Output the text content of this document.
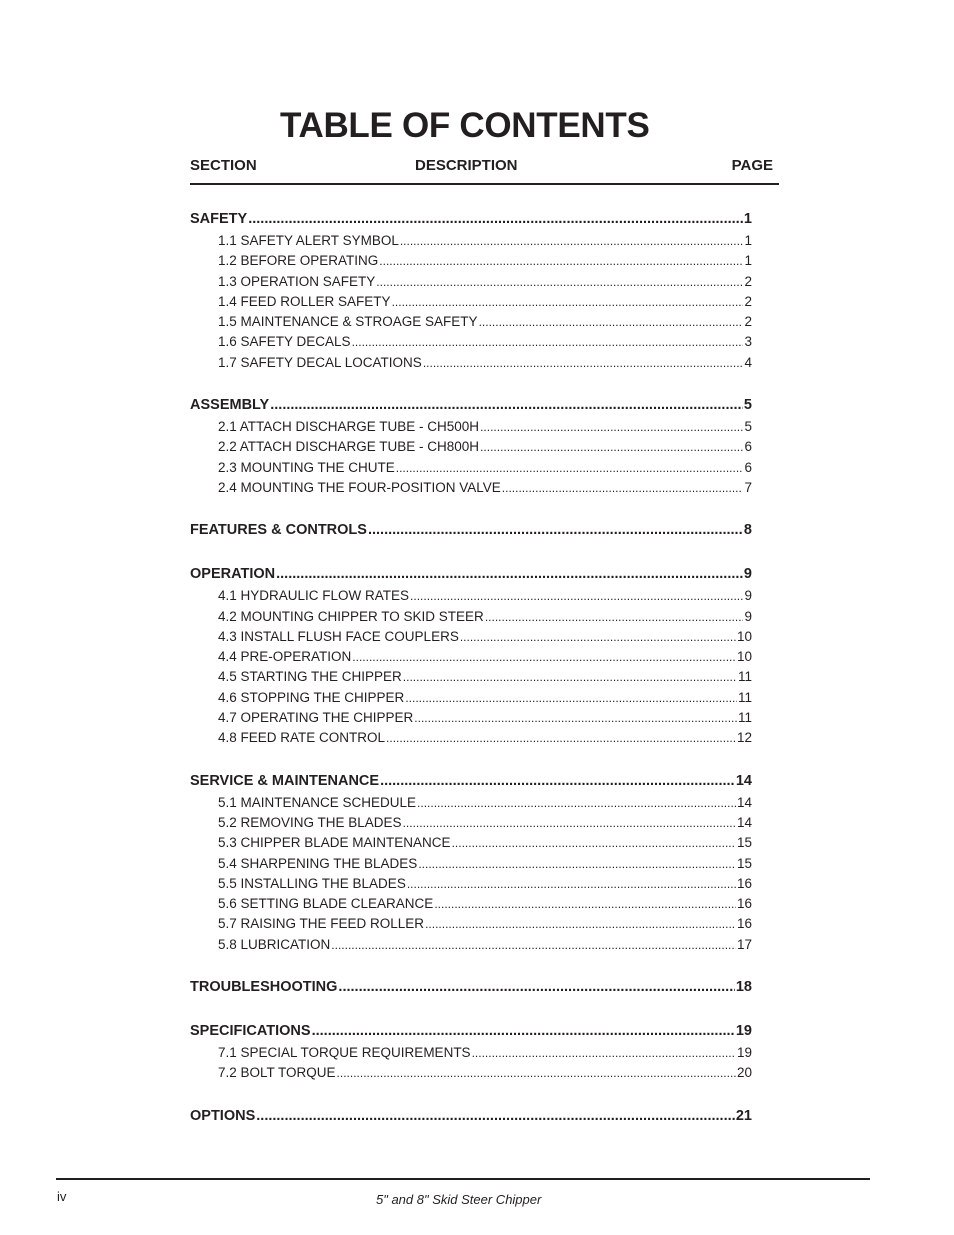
TABLE OF CONTENTS
SECTION	DESCRIPTION	PAGE
SAFETY .....	1
1.1 SAFETY ALERT SYMBOL .....	1
1.2 BEFORE OPERATING .....	1
1.3 OPERATION SAFETY .....	2
1.4 FEED ROLLER SAFETY .....	2
1.5 MAINTENANCE & STROAGE SAFETY .....	2
1.6 SAFETY DECALS .....	3
1.7 SAFETY DECAL LOCATIONS .....	4
ASSEMBLY .....	5
2.1 ATTACH DISCHARGE TUBE - CH500H .....	5
2.2 ATTACH DISCHARGE TUBE - CH800H .....	6
2.3 MOUNTING THE CHUTE .....	6
2.4 MOUNTING THE FOUR-POSITION VALVE .....	7
FEATURES & CONTROLS .....	8
OPERATION .....	9
4.1 HYDRAULIC FLOW RATES .....	9
4.2 MOUNTING CHIPPER TO SKID STEER .....	9
4.3 INSTALL FLUSH FACE COUPLERS .....	10
4.4 PRE-OPERATION .....	10
4.5 STARTING THE CHIPPER .....	11
4.6 STOPPING THE CHIPPER .....	11
4.7 OPERATING THE CHIPPER .....	11
4.8 FEED RATE CONTROL .....	12
SERVICE & MAINTENANCE .....	14
5.1 MAINTENANCE SCHEDULE .....	14
5.2 REMOVING THE BLADES .....	14
5.3 CHIPPER BLADE MAINTENANCE .....	15
5.4 SHARPENING THE BLADES .....	15
5.5 INSTALLING THE BLADES .....	16
5.6 SETTING BLADE CLEARANCE .....	16
5.7 RAISING THE FEED ROLLER .....	16
5.8 LUBRICATION .....	17
TROUBLESHOOTING .....	18
SPECIFICATIONS .....	19
7.1 SPECIAL TORQUE REQUIREMENTS .....	19
7.2 BOLT TORQUE .....	20
OPTIONS .....	21
iv	5" and 8" Skid Steer Chipper
